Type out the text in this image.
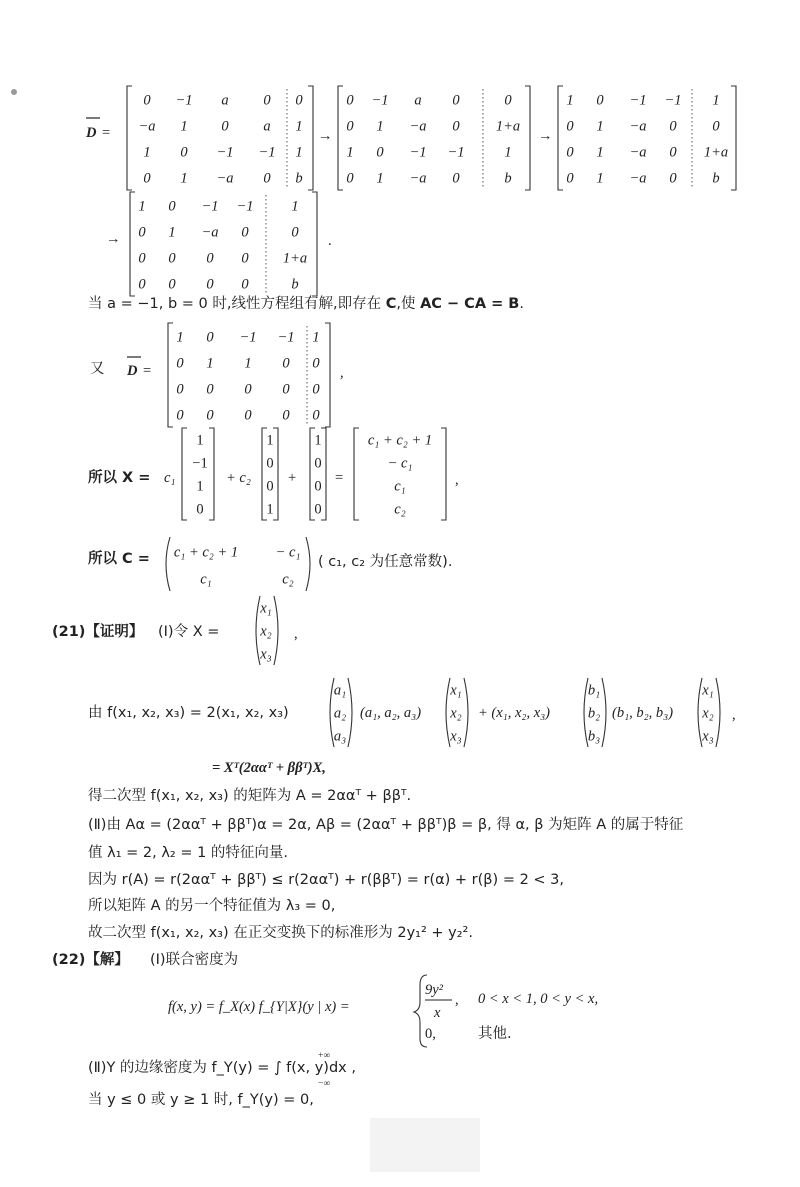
D =
0 −1 a 0 0
−a 1 0 a 1
1 0 −1 −1 1
0 1 −a 0 b
→
0 −1 a 0	0
0 1 −a 0 1+a
1 0 −1 −1	1
0 1 −a 0	b
→
1 0 −1 −1 1
0 1 −a 0 0
0 1 −a 0 1+a
0 1 −a 0 b
→
1 0 −1 −1	1
0 1 −a 0	0
0 0 0 0 1+a
0 0 0 0	b
.
当 a = −1, b = 0 时,线性方程组有解,即存在 C,使 AC − CA = B.
又 D =
1 0 −1 −1 1
0 1 1 0 0
0 0 0 0 0
0 0 0 0 0
,
所以 X = c₁
1
−1
1
0
+ c₂
1
0
0
1
+
1
0
0
0
=
c₁ + c₂ + 1
− c₁
c₁
c₂
,
所以 C = c₁ + c₂ + 1	− c₁
c₁	c₂
( c₁, c₂ 为任意常数).
(21)【证明】 (Ⅰ)令 X =
x₁
x₂
x₃
,
由 f(x₁, x₂, x₃) = 2(x₁, x₂, x₃)
a₁
a₂
a₃
(a₁, a₂, a₃)
x₁
x₂
x₃
+ (x₁, x₂, x₃)
b₁
b₂
b₃
(b₁, b₂, b₃)
x₁
x₂
x₃
,
= Xᵀ(2ααᵀ + ββᵀ)X,
得二次型 f(x₁, x₂, x₃) 的矩阵为 A = 2ααᵀ + ββᵀ.
(Ⅱ)由 Aα = (2ααᵀ + ββᵀ)α = 2α, Aβ = (2ααᵀ + ββᵀ)β = β, 得 α, β 为矩阵 A 的属于特征
值 λ₁ = 2, λ₂ = 1 的特征向量.
因为 r(A) = r(2ααᵀ + ββᵀ) ≤ r(2ααᵀ) + r(ββᵀ) = r(α) + r(β) = 2 < 3,
所以矩阵 A 的另一个特征值为 λ₃ = 0,
故二次型 f(x₁, x₂, x₃) 在正交变换下的标准形为 2y₁² + y₂².
(22)【解】 (Ⅰ)联合密度为
f(x, y) = f_X(x) f_{Y|X}(y | x) =
9y²
x
, 0 < x < 1, 0 < y < x,
0,	其他.
(Ⅱ)Y 的边缘密度为 f_Y(y) = ∫ f(x, y)dx ,
+∞
−∞
当 y ≤ 0 或 y ≥ 1 时, f_Y(y) = 0,
